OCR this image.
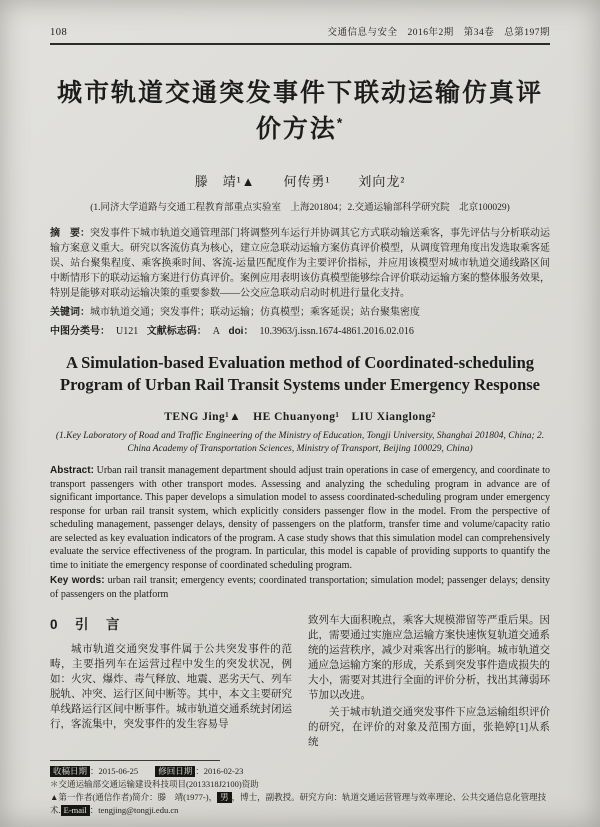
108	交通信息与安全　2016年2期　第34卷　总第197期
城市轨道交通突发事件下联动运输仿真评价方法*
滕　靖¹▲　　何传勇¹　　刘向龙²
(1.同济大学道路与交通工程教育部重点实验室　上海201804；2.交通运输部科学研究院　北京100029)
摘　要：突发事件下城市轨道交通管理部门将调整列车运行并协调其它方式联动输送乘客，事先评估与分析联动运输方案意义重大。研究以客流仿真为核心，建立应急联动运输方案仿真评价模型，从调度管理角度出发选取乘客延误、站台聚集程度、乘客换乘时间、客流-运量匹配度作为主要评价指标，并应用该模型对城市轨道交通线路区间中断情形下的联动运输方案进行仿真评价。案例应用表明该仿真模型能够综合评价联动运输方案的整体服务效果，特别是能够对联动运输决策的重要参数——公交应急联动启动时机进行量化支持。
关键词：城市轨道交通；突发事件；联动运输；仿真模型；乘客延误；站台聚集密度
中图分类号： U121 文献标志码： A doi： 10.3963/j.issn.1674-4861.2016.02.016
A Simulation-based Evaluation method of Coordinated-scheduling Program of Urban Rail Transit Systems under Emergency Response
TENG Jing¹▲　HE Chuanyong¹　LIU Xianglong²
(1.Key Laboratory of Road and Traffic Engineering of the Ministry of Education, Tongji University, Shanghai 201804, China; 2. China Academy of Transportation Sciences, Ministry of Transport, Beijing 100029, China)
Abstract: Urban rail transit management department should adjust train operations in case of emergency, and coordinate to transport passengers with other transport modes. Assessing and analyzing the scheduling program in advance are of significant importance. This paper develops a simulation model to assess coordinated-scheduling program under emergency response for urban rail transit system, which explicitly considers passenger flow in the model. From the perspective of scheduling management, passenger delays, density of passengers on the platform, transfer time and volume/capacity ratio are selected as key evaluation indicators of the program. A case study shows that this simulation model can comprehensively evaluate the service effectiveness of the program. In particular, this model is capable of providing supports to quantify the time to initiate the emergency response of coordinated scheduling program.
Key words: urban rail transit; emergency events; coordinated transportation; simulation model; passenger delays; density of passengers on the platform
0　 引　言
城市轨道交通突发事件属于公共突发事件的范畴，主要指列车在运营过程中发生的突发状况，例如：火灾、爆炸、毒气释放、地震、恶劣天气、列车脱轨、冲突、运行区间中断等。其中，本文主要研究单线路运行区间中断事件。城市轨道交通系统封闭运行，客流集中，突发事件的发生容易导
致列车大面积晚点，乘客大规模滞留等严重后果。因此，需要通过实施应急运输方案快速恢复轨道交通系统的运营秩序，减少对乘客出行的影响。城市轨道交通应急运输方案的形成，关系到突发事件造成损失的大小，需要对其进行全面的评价分析，找出其薄弱环节加以改进。
关于城市轨道交通突发事件下应急运输组织评价的研究，在评价的对象及范围方面，张艳婷[1]从系统
收稿日期 ：2015-06-25　　修回日期 ：2016-02-23
＊交通运输部交通运输建设科技项目(2013318J2100)资助
▲第一作者(通信作者)简介：滕　靖(1977-)， 男 ，博士，副教授。研究方向：轨道交通运营管理与效率理论、公共交通信息化管理技术. E-mail ：tengjing@tongji.edu.cn
